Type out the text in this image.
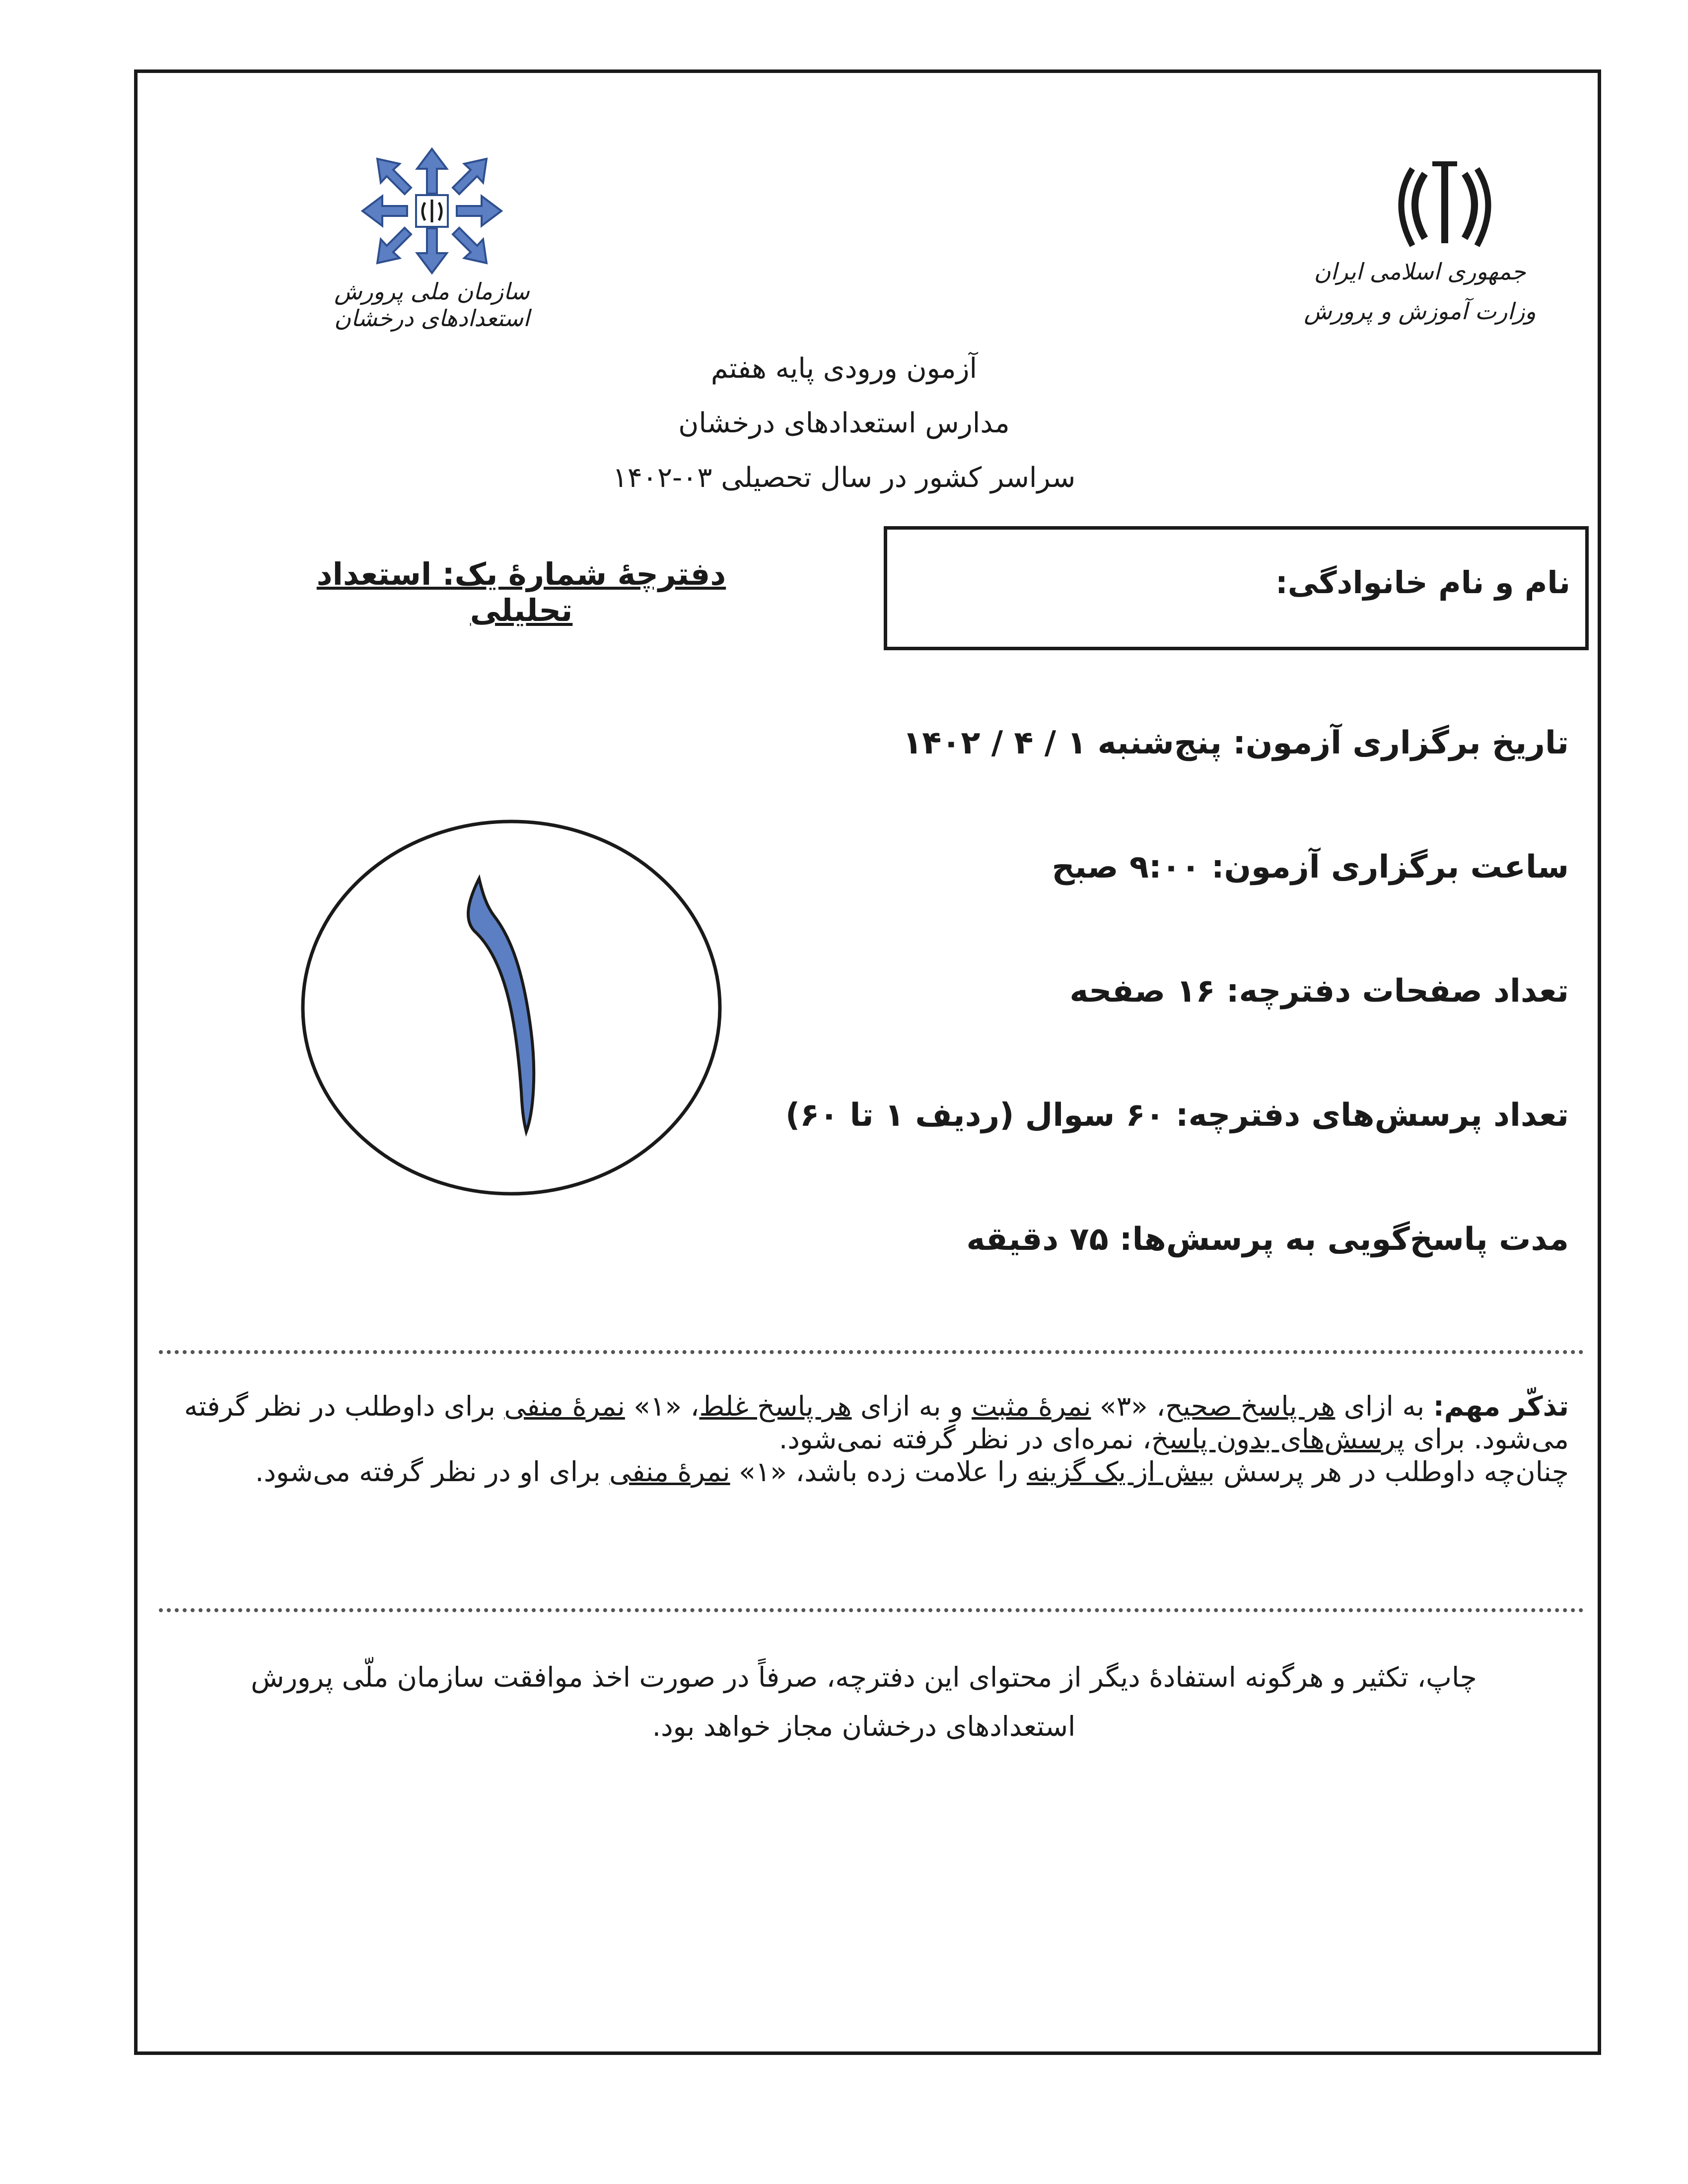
جمهوری اسلامی ایران
وزارت آموزش و پرورش
سازمان ملی پرورش استعدادهای درخشان
آزمون ورودی پایه هفتم
مدارس استعدادهای درخشان
سراسر کشور در سال تحصیلی ۰۳-۱۴۰۲
نام و نام خانوادگی:
دفترچهٔ شمارهٔ یک: استعداد تحلیلی
تاریخ برگزاری آزمون: پنج‌شنبه ۱ / ۴ / ۱۴۰۲
ساعت برگزاری آزمون: ۹:۰۰ صبح
تعداد صفحات دفترچه: ۱۶ صفحه
تعداد پرسش‌های دفترچه: ۶۰ سوال (ردیف ۱ تا ۶۰)
مدت پاسخ‌گویی به پرسش‌ها: ۷۵ دقیقه
تذکّر مهم: به ازای هر پاسخ صحیح، «۳» نمرهٔ مثبت و به ازای هر پاسخ غلط، «۱» نمرهٔ منفی برای داوطلب در نظر گرفته می‌شود. برای پرسش‌های بدون پاسخ، نمره‌ای در نظر گرفته نمی‌شود.
چنان‌چه داوطلب در هر پرسش بیش از یک گزینه را علامت زده باشد، «۱» نمرهٔ منفی برای او در نظر گرفته می‌شود.
چاپ، تکثیر و هرگونه استفادهٔ دیگر از محتوای این دفترچه، صرفاً در صورت اخذ موافقت سازمان ملّی پرورش
استعدادهای درخشان مجاز خواهد بود.
